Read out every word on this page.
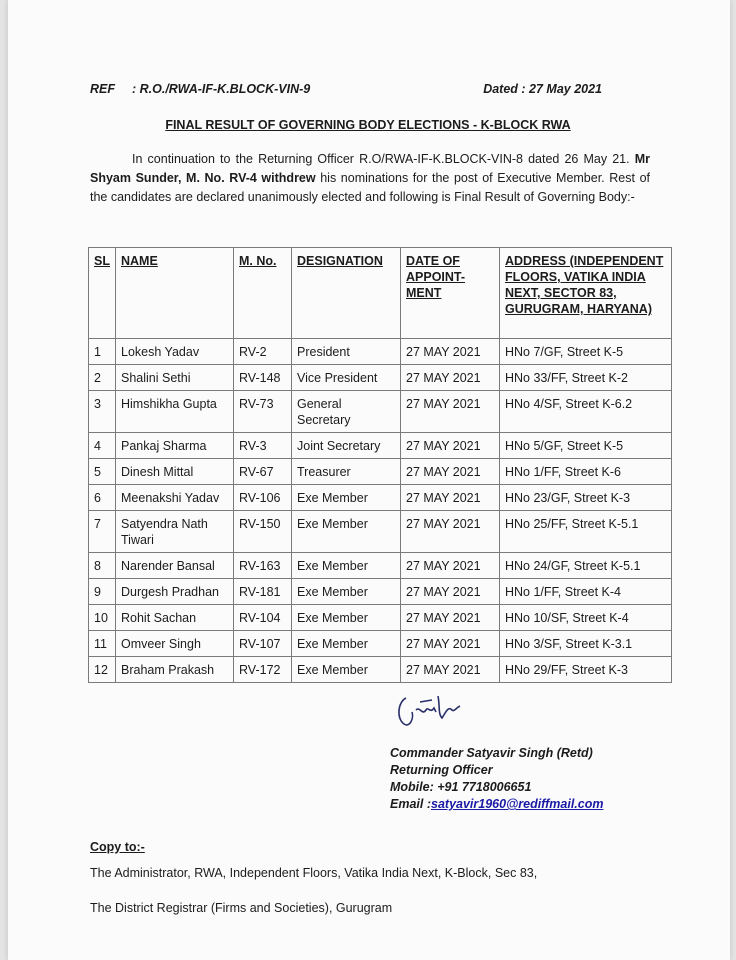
REF : R.O./RWA-IF-K.BLOCK-VIN-9	Dated : 27 May 2021
FINAL RESULT OF GOVERNING BODY ELECTIONS - K-BLOCK RWA
In continuation to the Returning Officer R.O/RWA-IF-K.BLOCK-VIN-8 dated 26 May 21. Mr Shyam Sunder, M. No. RV-4 withdrew his nominations for the post of Executive Member. Rest of the candidates are declared unanimously elected and following is Final Result of Governing Body:-
SL	NAME	M. No.	DESIGNATION	DATE OF APPOINT-MENT	ADDRESS (INDEPENDENT FLOORS, VATIKA INDIA NEXT, SECTOR 83, GURUGRAM, HARYANA)
1	Lokesh Yadav	RV-2	President	27 MAY 2021	HNo 7/GF, Street K-5
2	Shalini Sethi	RV-148	Vice President	27 MAY 2021	HNo 33/FF, Street K-2
3	Himshikha Gupta	RV-73	General Secretary	27 MAY 2021	HNo 4/SF, Street K-6.2
4	Pankaj Sharma	RV-3	Joint Secretary	27 MAY 2021	HNo 5/GF, Street K-5
5	Dinesh Mittal	RV-67	Treasurer	27 MAY 2021	HNo 1/FF, Street K-6
6	Meenakshi Yadav	RV-106	Exe Member	27 MAY 2021	HNo 23/GF, Street K-3
7	Satyendra Nath Tiwari	RV-150	Exe Member	27 MAY 2021	HNo 25/FF, Street K-5.1
8	Narender Bansal	RV-163	Exe Member	27 MAY 2021	HNo 24/GF, Street K-5.1
9	Durgesh Pradhan	RV-181	Exe Member	27 MAY 2021	HNo 1/FF, Street K-4
10	Rohit Sachan	RV-104	Exe Member	27 MAY 2021	HNo 10/SF, Street K-4
11	Omveer Singh	RV-107	Exe Member	27 MAY 2021	HNo 3/SF, Street K-3.1
12	Braham Prakash	RV-172	Exe Member	27 MAY 2021	HNo 29/FF, Street K-3
Commander Satyavir Singh (Retd)
Returning Officer
Mobile: +91 7718006651
Email :satyavir1960@rediffmail.com
Copy to:-
The Administrator, RWA, Independent Floors, Vatika India Next, K-Block, Sec 83,
The District Registrar (Firms and Societies), Gurugram
